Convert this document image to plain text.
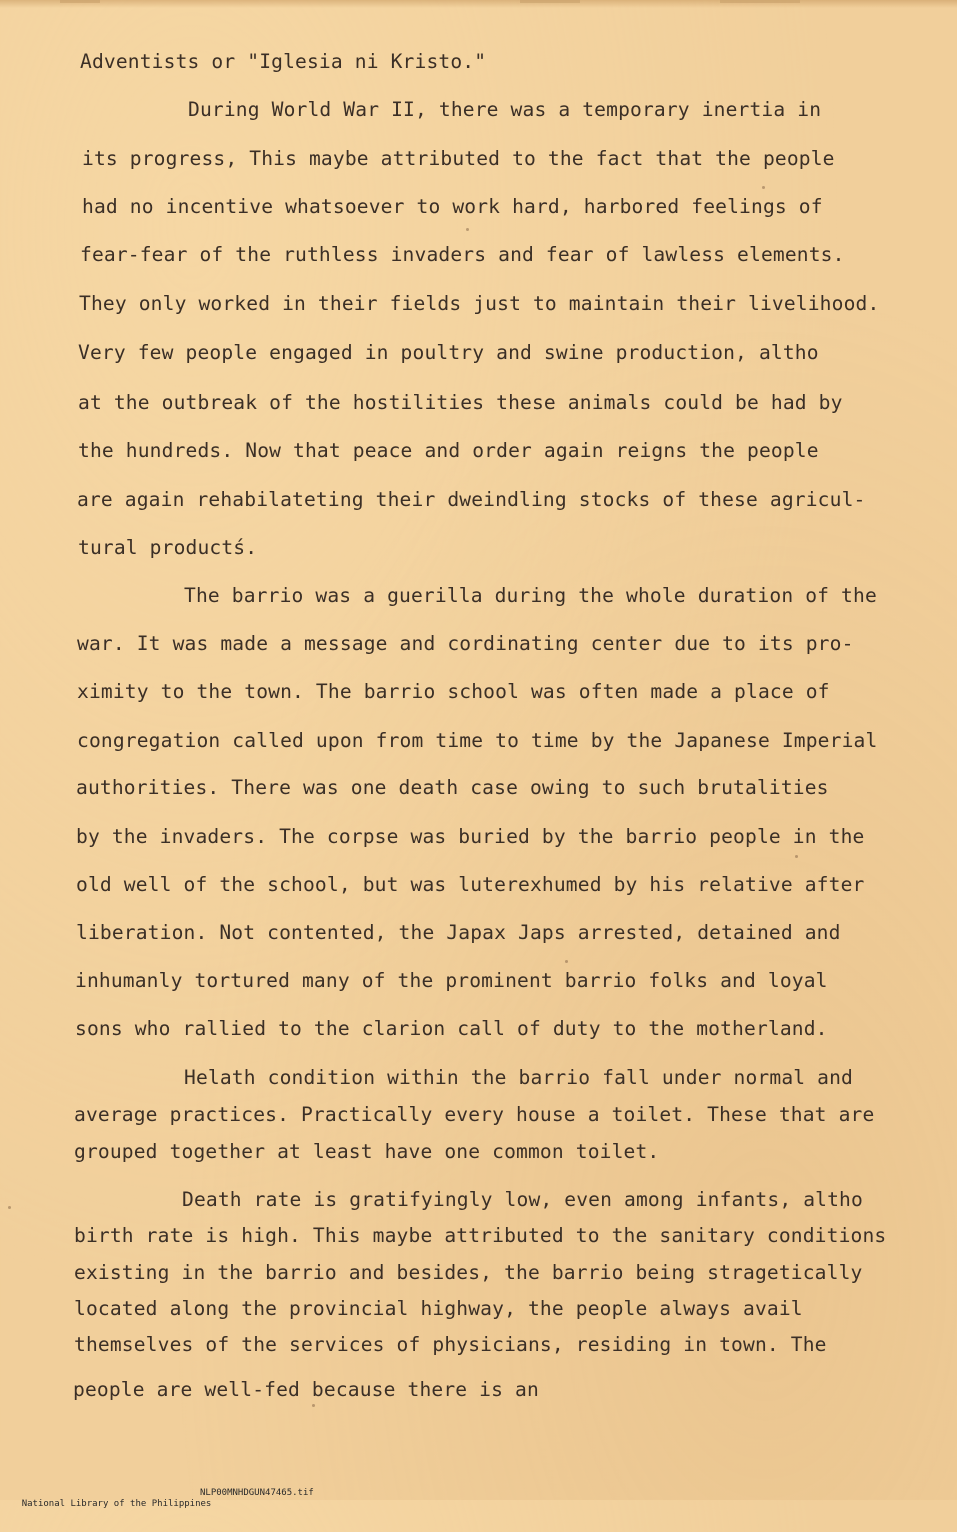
Adventists or "Iglesia ni Kristo."
During World War II, there was a temporary inertia in
its progress, This maybe attributed to the fact that the people
had no incentive whatsoever to work hard, harbored feelings of
fear-fear of the ruthless invaders and fear of lawless elements.
They only worked in their fields just to maintain their livelihood.
Very few people engaged in poultry and swine production, altho
at the outbreak of the hostilities these animals could be had by
the hundreds. Now that peace and order again reigns the people
are again rehabilateting their dweindling stocks of these agricul-
tural productś.
The barrio was a guerilla during the whole duration of the
war. It was made a message and cordinating center due to its pro-
ximity to the town. The barrio school was often made a place of
congregation called upon from time to time by the Japanese Imperial
authorities. There was one death case owing to such brutalities
by the invaders. The corpse was buried by the barrio people in the
old well of the school, but was luterexhumed by his relative after
liberation. Not contented, the Japax Japs arrested, detained and
inhumanly tortured many of the prominent barrio folks and loyal
sons who rallied to the clarion call of duty to the motherland.
Helath condition within the barrio fall under normal and
average practices. Practically every house a toilet. These that are
grouped together at least have one common toilet.
Death rate is gratifyingly low, even among infants, altho
birth rate is high. This maybe attributed to the sanitary conditions
existing in the barrio and besides, the barrio being stragetically
located along the provincial highway, the people always avail
themselves of the services of physicians, residing in town. The
people are well-fed because there is an

National Library of the Philippines

NLP00MNHDGUN47465.tif
